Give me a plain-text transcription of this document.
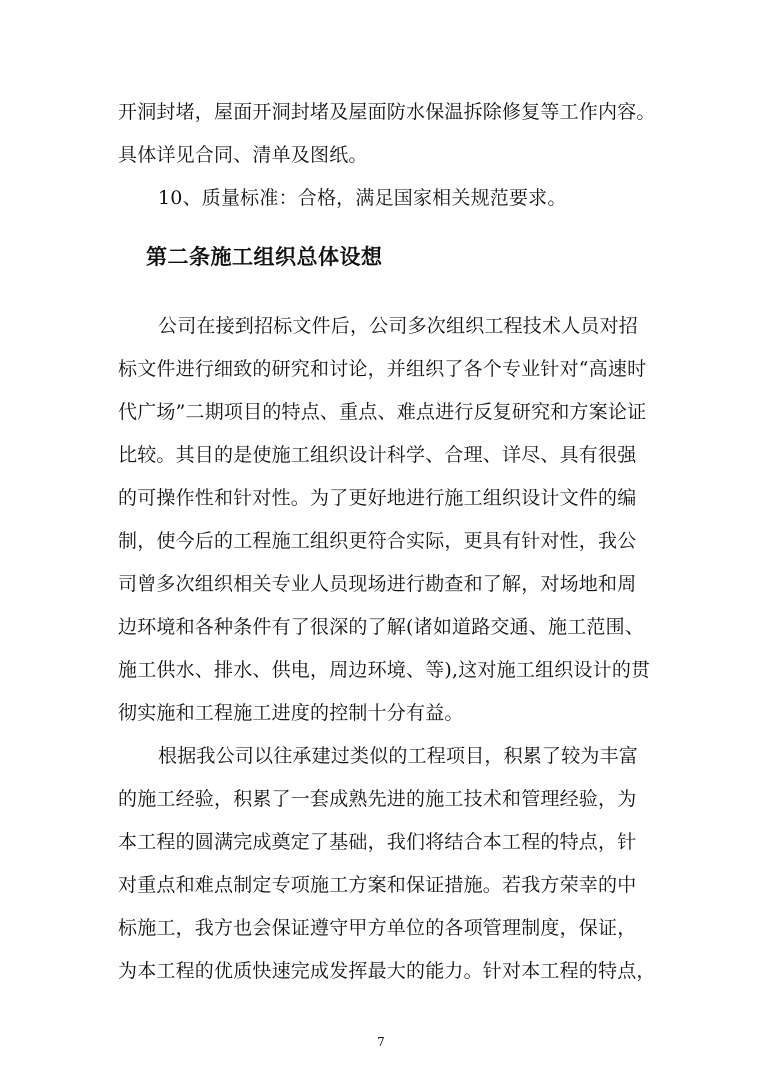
开洞封堵，屋面开洞封堵及屋面防水保温拆除修复等工作内容。
具体详见合同、清单及图纸。
10、质量标准：合格，满足国家相关规范要求。
第二条施工组织总体设想
公司在接到招标文件后，公司多次组织工程技术人员对招
标文件进行细致的研究和讨论，并组织了各个专业针对“高速时
代广场”二期项目的特点、重点、难点进行反复研究和方案论证
比较。其目的是使施工组织设计科学、合理、详尽、具有很强
的可操作性和针对性。为了更好地进行施工组织设计文件的编
制，使今后的工程施工组织更符合实际，更具有针对性，我公
司曾多次组织相关专业人员现场进行勘查和了解，对场地和周
边环境和各种条件有了很深的了解(诸如道路交通、施工范围、
施工供水、排水、供电，周边环境、等),这对施工组织设计的贯
彻实施和工程施工进度的控制十分有益。
根据我公司以往承建过类似的工程项目，积累了较为丰富
的施工经验，积累了一套成熟先进的施工技术和管理经验，为
本工程的圆满完成奠定了基础，我们将结合本工程的特点，针
对重点和难点制定专项施工方案和保证措施。若我方荣幸的中
标施工，我方也会保证遵守甲方单位的各项管理制度，保证，
为本工程的优质快速完成发挥最大的能力。针对本工程的特点，
7
